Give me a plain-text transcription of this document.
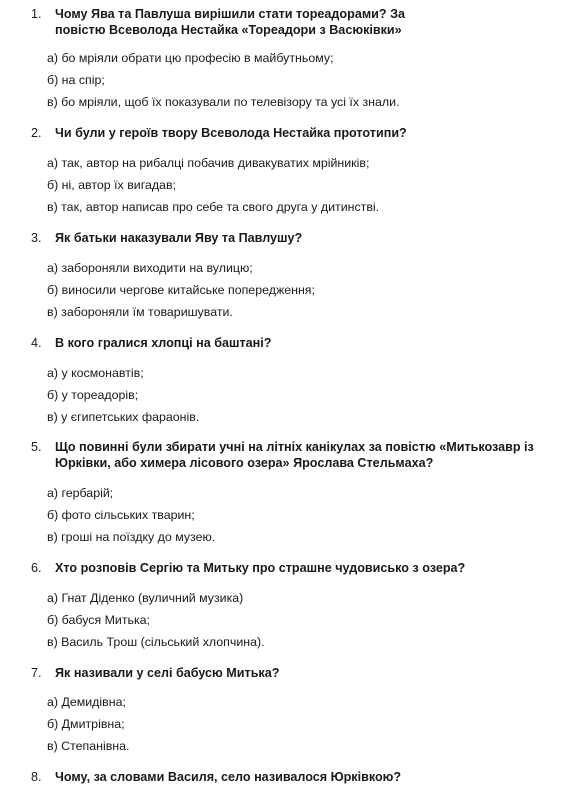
1. Чому Ява та Павлуша вирішили стати тореадорами? За повістю Всеволода Нестайка «Тореадори з Васюківки»
а) бо мріяли обрати цю професію в майбутньому;
б) на спір;
в) бо мріяли, щоб їх показували по телевізору та усі їх знали.
2. Чи були у героїв твору Всеволода Нестайка прототипи?
а) так, автор на рибалці побачив дивакуватих мрійників;
б) ні, автор їх вигадав;
в) так, автор написав про себе та свого друга у дитинстві.
3. Як батьки наказували Яву та Павлушу?
а) забороняли виходити на вулицю;
б) виносили чергове китайське попередження;
в) забороняли їм товаришувати.
4. В кого гралися хлопці на баштані?
а) у космонавтів;
б) у тореадорів;
в) у єгипетських фараонів.
5. Що повинні були збирати учні на літніх канікулах за повістю «Митькозавр із Юрківки, або химера лісового озера» Ярослава Стельмаха?
а) гербарій;
б) фото сільських тварин;
в) гроші на поїздку до музею.
6. Хто розповів Сергію та Митьку про страшне чудовисько з озера?
а) Гнат Діденко (вуличний музика)
б) бабуся Митька;
в) Василь Трош (сільський хлопчина).
7. Як називали у селі бабусю Митька?
а) Демидівна;
б) Дмитрівна;
в) Степанівна.
8. Чому, за словами Василя, село називалося Юрківкою?
